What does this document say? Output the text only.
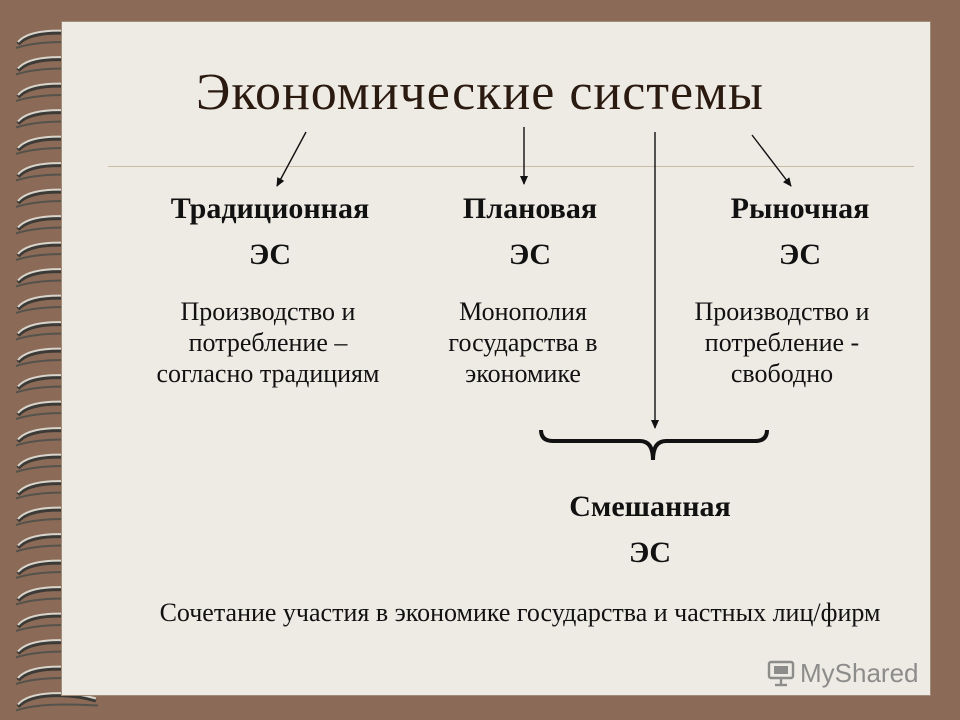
Экономические системы
Традиционная
ЭС
Плановая
ЭС
Рыночная
ЭС
Производство и потребление – согласно традициям
Монополия государства в экономике
Производство и потребление - свободно
Смешанная
ЭС
Сочетание участия в экономике государства и частных лиц/фирм
MyShared
